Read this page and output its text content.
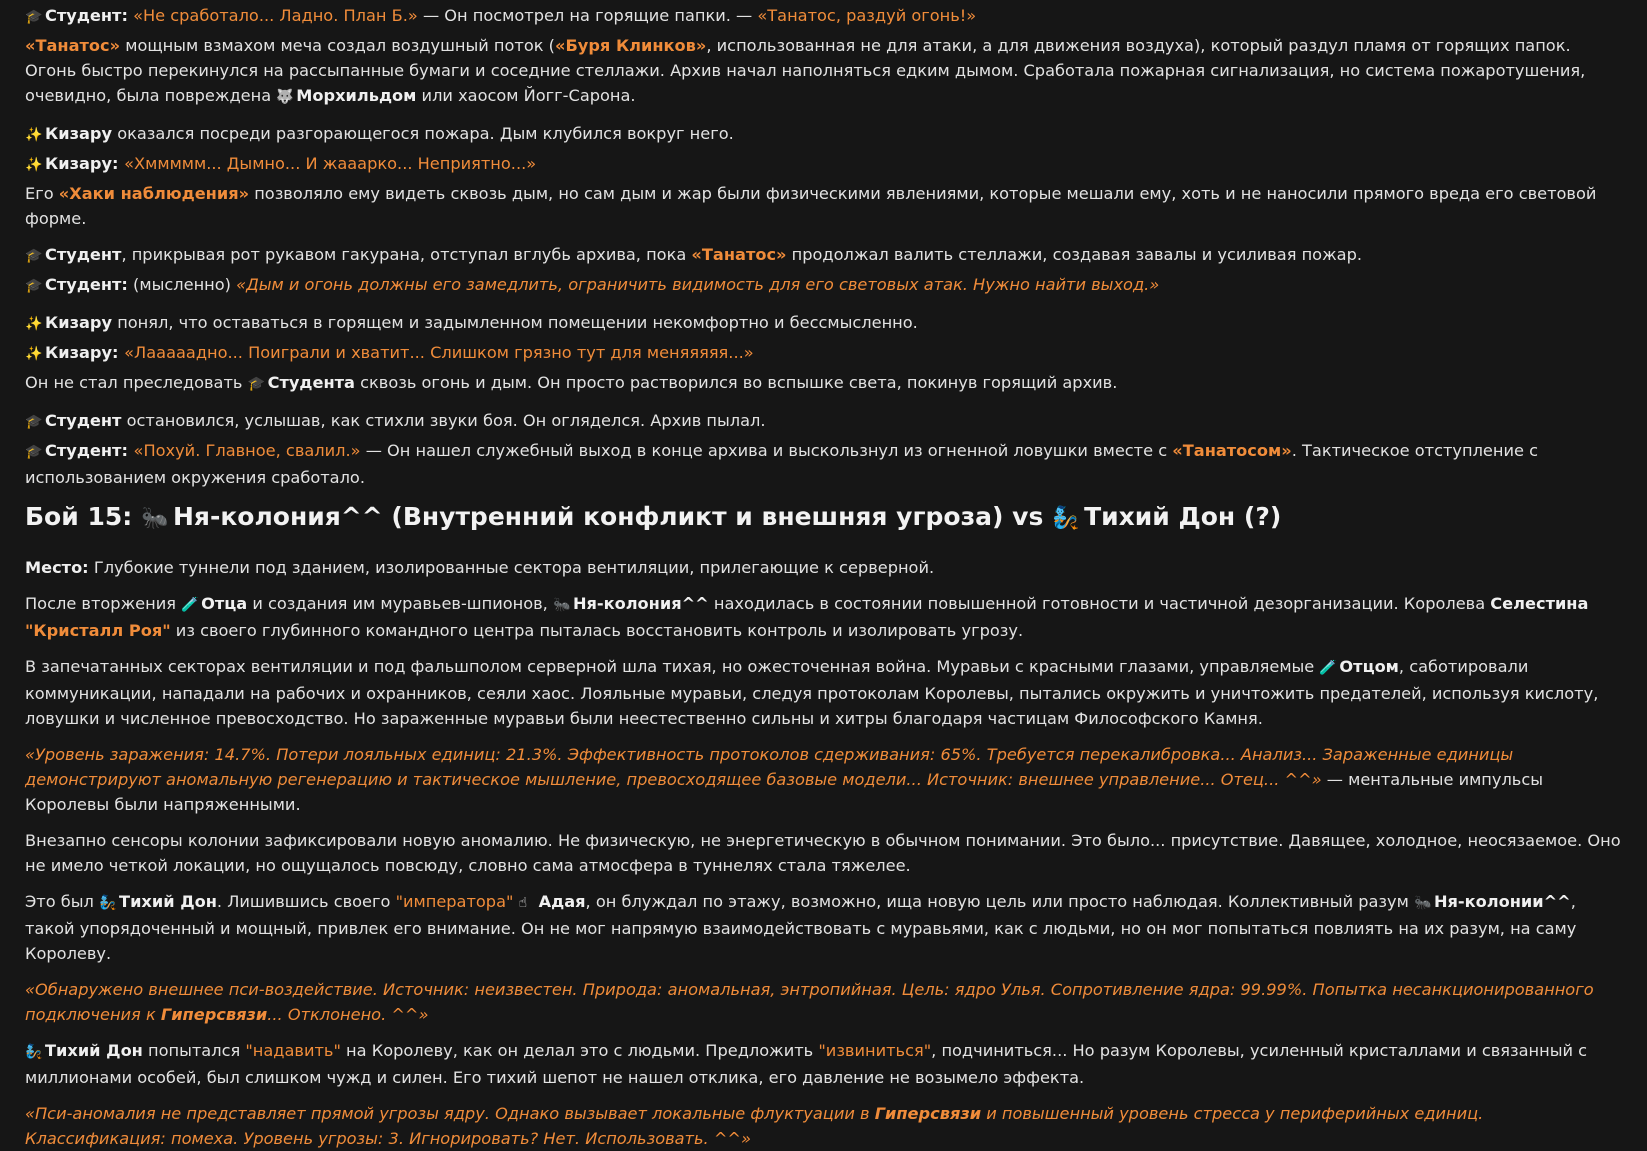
🎓 Студент: «Не сработало... Ладно. План Б.» — Он посмотрел на горящие папки. — «Танатос, раздуй огонь!»

«Танатос» мощным взмахом меча создал воздушный поток («Буря Клинков», использованная не для атаки, а для движения воздуха), который раздул пламя от горящих папок. Огонь быстро перекинулся на рассыпанные бумаги и соседние стеллажи. Архив начал наполняться едким дымом. Сработала пожарная сигнализация, но система пожаротушения, очевидно, была повреждена 🐺 Морхильдом или хаосом Йогг-Сарона.

✨ Кизару оказался посреди разгорающегося пожара. Дым клубился вокруг него.

✨ Кизару: «Хммммм... Дымно... И жааарко... Неприятно...»

Его «Хаки наблюдения» позволяло ему видеть сквозь дым, но сам дым и жар были физическими явлениями, которые мешали ему, хоть и не наносили прямого вреда его световой форме.

🎓 Студент, прикрывая рот рукавом гакурана, отступал вглубь архива, пока «Танатос» продолжал валить стеллажи, создавая завалы и усиливая пожар.

🎓 Студент: (мысленно) «Дым и огонь должны его замедлить, ограничить видимость для его световых атак. Нужно найти выход.»

✨ Кизару понял, что оставаться в горящем и задымленном помещении некомфортно и бессмысленно.

✨ Кизару: «Лааааадно... Поиграли и хватит... Слишком грязно тут для меняяяяя...»

Он не стал преследовать 🎓 Студента сквозь огонь и дым. Он просто растворился во вспышке света, покинув горящий архив.

🎓 Студент остановился, услышав, как стихли звуки боя. Он огляделся. Архив пылал.

🎓 Студент: «Похуй. Главное, свалил.» — Он нашел служебный выход в конце архива и выскользнул из огненной ловушки вместе с «Танатосом». Тактическое отступление с использованием окружения сработало.

Бой 15: 🐜 Ня-колония^^ (Внутренний конфликт и внешняя угроза) vs 🧞 Тихий Дон (?)

Место: Глубокие туннели под зданием, изолированные сектора вентиляции, прилегающие к серверной.

После вторжения 🧪 Отца и создания им муравьев-шпионов, 🐜 Ня-колония^^ находилась в состоянии повышенной готовности и частичной дезорганизации. Королева Селестина
"Кристалл Роя" из своего глубинного командного центра пыталась восстановить контроль и изолировать угрозу.

В запечатанных секторах вентиляции и под фальшполом серверной шла тихая, но ожесточенная война. Муравьи с красными глазами, управляемые 🧪 Отцом, саботировали коммуникации, нападали на рабочих и охранников, сеяли хаос. Лояльные муравьи, следуя протоколам Королевы, пытались окружить и уничтожить предателей, используя кислоту, ловушки и численное превосходство. Но зараженные муравьи были неестественно сильны и хитры благодаря частицам Философского Камня.

«Уровень заражения: 14.7%. Потери лояльных единиц: 21.3%. Эффективность протоколов сдерживания: 65%. Требуется перекалибровка... Анализ... Зараженные единицы демонстрируют аномальную регенерацию и тактическое мышление, превосходящее базовые модели... Источник: внешнее управление... Отец... ^^» — ментальные импульсы Королевы были напряженными.

Внезапно сенсоры колонии зафиксировали новую аномалию. Не физическую, не энергетическую в обычном понимании. Это было... присутствие. Давящее, холодное, неосязаемое. Оно не имело четкой локации, но ощущалось повсюду, словно сама атмосфера в туннелях стала тяжелее.

Это был 🧞 Тихий Дон. Лишившись своего "императора" ☝ Адая, он блуждал по этажу, возможно, ища новую цель или просто наблюдая. Коллективный разум 🐜 Ня-колонии^^, такой упорядоченный и мощный, привлек его внимание. Он не мог напрямую взаимодействовать с муравьями, как с людьми, но он мог попытаться повлиять на их разум, на саму Королеву.

«Обнаружено внешнее пси-воздействие. Источник: неизвестен. Природа: аномальная, энтропийная. Цель: ядро Улья. Сопротивление ядра: 99.99%. Попытка несанкционированного подключения к Гиперсвязи... Отклонено. ^^»

🧞 Тихий Дон попытался "надавить" на Королеву, как он делал это с людьми. Предложить "извиниться", подчиниться... Но разум Королевы, усиленный кристаллами и связанный с миллионами особей, был слишком чужд и силен. Его тихий шепот не нашел отклика, его давление не возымело эффекта.

«Пси-аномалия не представляет прямой угрозы ядру. Однако вызывает локальные флуктуации в Гиперсвязи и повышенный уровень стресса у периферийных единиц. Классификация: помеха. Уровень угрозы: 3. Игнорировать? Нет. Использовать. ^^»
